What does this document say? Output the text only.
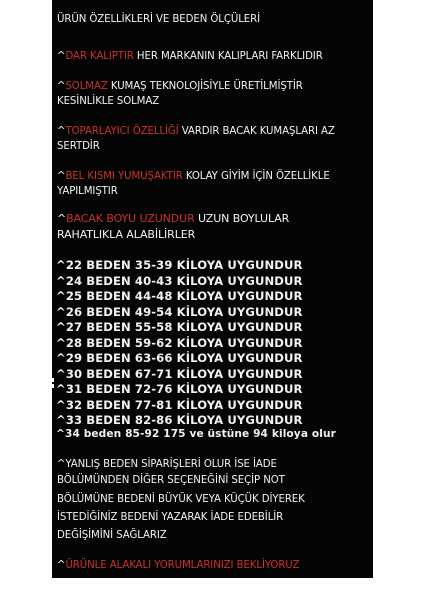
ÜRÜN ÖZELLİKLERİ VE BEDEN ÖLÇÜLERİ
^DAR KALIPTIR HER MARKANIN KALIPLARI FARKLIDIR
^SOLMAZ KUMAŞ TEKNOLOJİSİYLE ÜRETİLMİŞTİR
KESİNLİKLE SOLMAZ
^TOPARLAYICI ÖZELLİĞİ VARDIR BACAK KUMAŞLARI AZ
SERTDİR
^BEL KISMI YUMUŞAKTIR KOLAY GİYİM İÇİN ÖZELLİKLE
YAPILMIŞTIR
^BACAK BOYU UZUNDUR UZUN BOYLULAR
RAHATLIKLA ALABİLİRLER
^22 BEDEN 35-39 KİLOYA UYGUNDUR
^24 BEDEN 40-43 KİLOYA UYGUNDUR
^25 BEDEN 44-48 KİLOYA UYGUNDUR
^26 BEDEN 49-54 KİLOYA UYGUNDUR
^27 BEDEN 55-58 KİLOYA UYGUNDUR
^28 BEDEN 59-62 KİLOYA UYGUNDUR
^29 BEDEN 63-66 KİLOYA UYGUNDUR
^30 BEDEN 67-71 KİLOYA UYGUNDUR
^31 BEDEN 72-76 KİLOYA UYGUNDUR
^32 BEDEN 77-81 KİLOYA UYGUNDUR
^33 BEDEN 82-86 KİLOYA UYGUNDUR
^34 beden 85-92 175 ve üstüne 94 kiloya olur
^YANLIŞ BEDEN SİPARİŞLERİ OLUR İSE İADE
BÖLÜMÜNDEN DİĞER SEÇENEĞİNİ SEÇİP NOT
BÖLÜMÜNE BEDENİ BÜYÜK VEYA KÜÇÜK DİYEREK
İSTEDİĞİNİZ BEDENİ YAZARAK İADE EDEBİLİR
DEĞİŞİMİNİ SAĞLARIZ
^ÜRÜNLE ALAKALI YORUMLARINIZI BEKLİYORUZ
